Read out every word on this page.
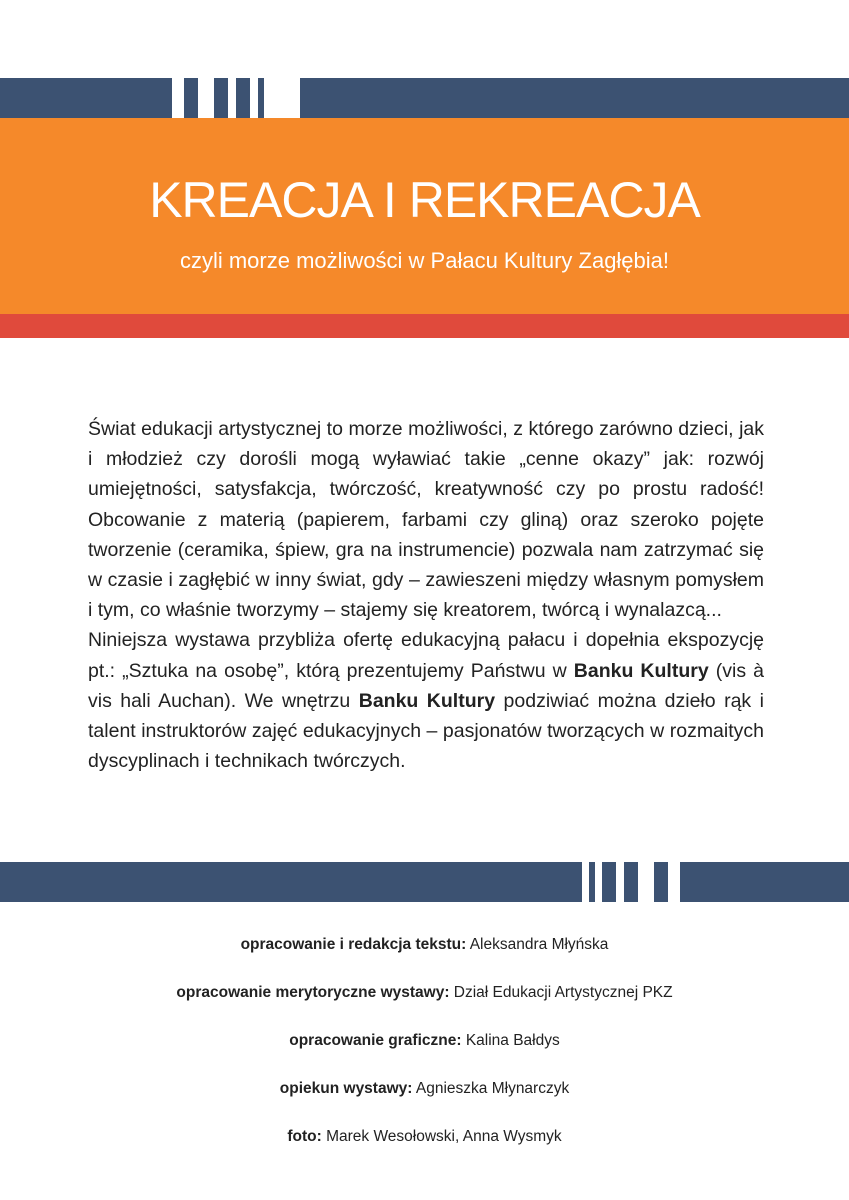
KREACJA I REKREACJA
czyli morze możliwości w Pałacu Kultury Zagłębia!

Świat edukacji artystycznej to morze możliwości, z którego zarówno dzieci, jak i młodzież czy dorośli mogą wyławiać takie „cenne okazy” jak: rozwój umiejętności, satysfakcja, twórczość, kreatywność czy po prostu radość! Obcowanie z materią (papierem, farbami czy gliną) oraz szeroko pojęte tworzenie (ceramika, śpiew, gra na instrumencie) pozwala nam zatrzymać się w czasie i zagłębić w inny świat, gdy – zawieszeni między własnym pomysłem i tym, co właśnie tworzymy – stajemy się kreatorem, twórcą i wynalazcą...

Niniejsza wystawa przybliża ofertę edukacyjną pałacu i dopełnia ekspozycję pt.: „Sztuka na osobę”, którą prezentujemy Państwu w Banku Kultury (vis à vis hali Auchan). We wnętrzu Banku Kultury podziwiać można dzieło rąk i talent instruktorów zajęć edukacyjnych – pasjonatów tworzących w rozmaitych dyscyplinach i technikach twórczych.

opracowanie i redakcja tekstu: Aleksandra Młyńska
opracowanie merytoryczne wystawy: Dział Edukacji Artystycznej PKZ
opracowanie graficzne: Kalina Bałdys
opiekun wystawy: Agnieszka Młynarczyk
foto: Marek Wesołowski, Anna Wysmyk
